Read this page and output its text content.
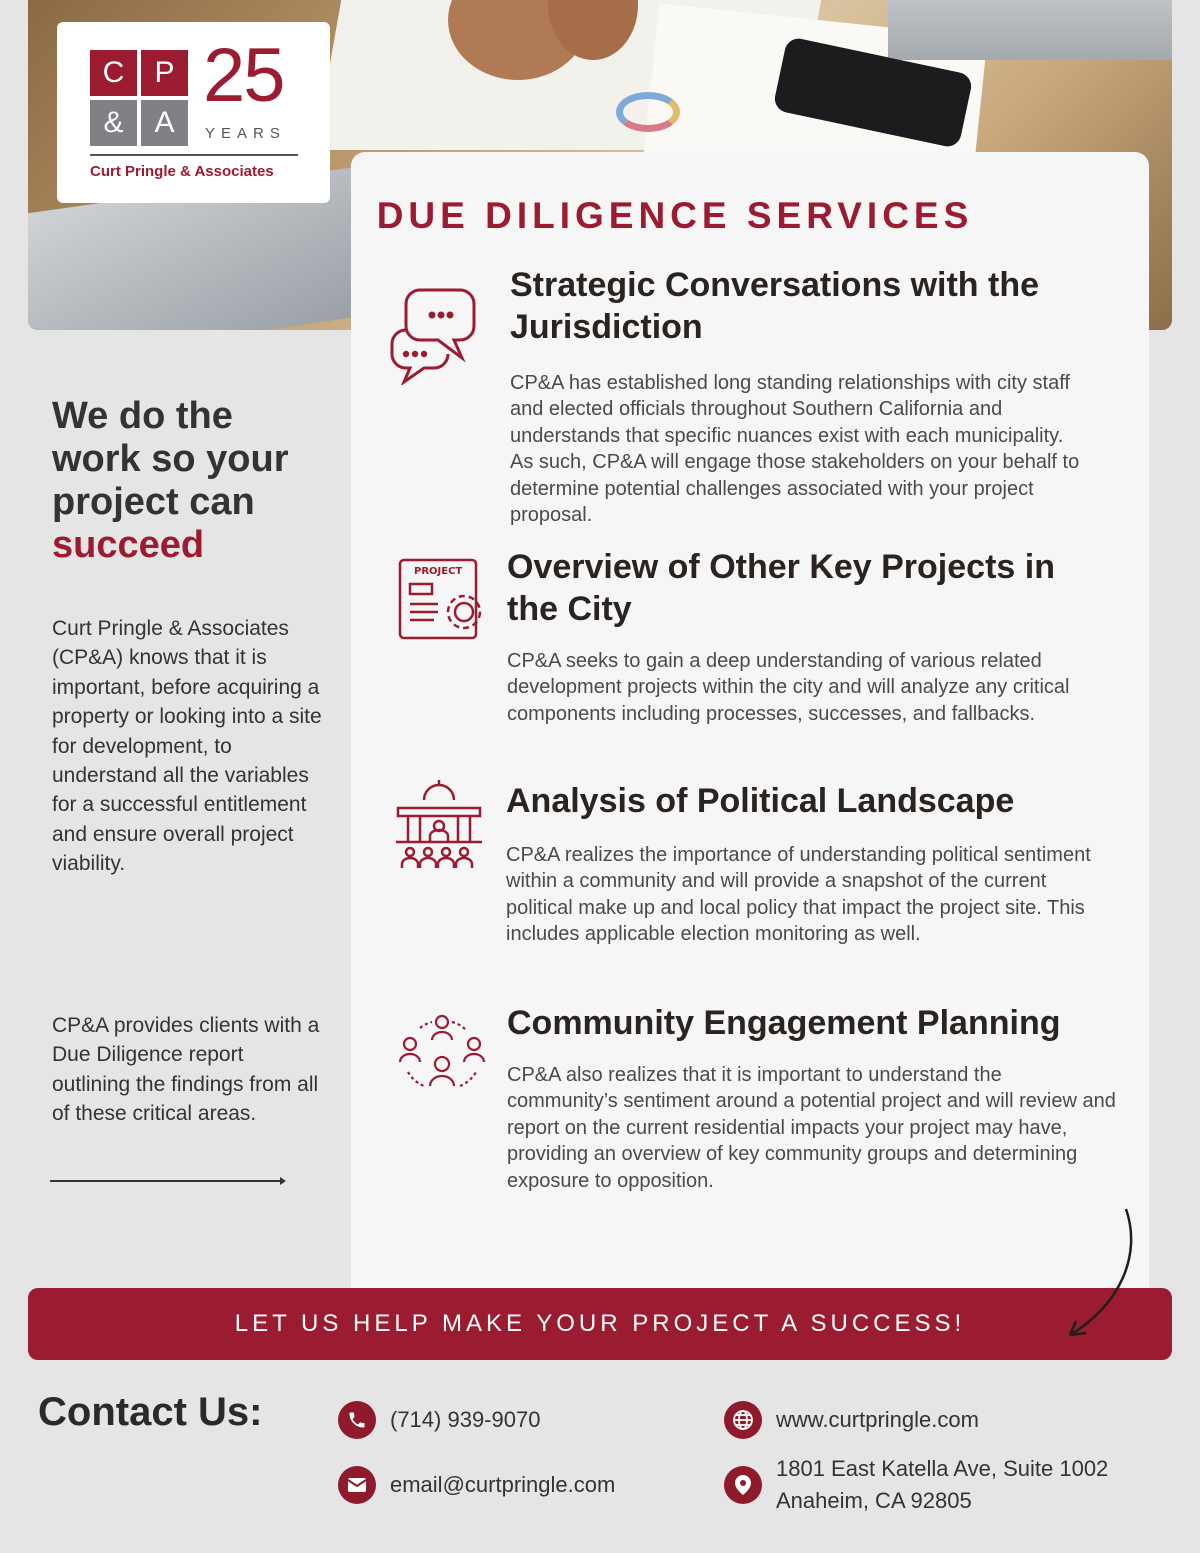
C	P
&	A
25
YEARS
Curt Pringle & Associates
We do the
work so your
project can
succeed

Curt Pringle & Associates (CP&A) knows that it is important, before acquiring a property or looking into a site for development, to understand all the variables for a successful entitlement and ensure overall project viability.

CP&A provides clients with a Due Diligence report outlining the findings from all of these critical areas.

DUE DILIGENCE SERVICES
Strategic Conversations with the Jurisdiction

CP&A has established long standing relationships with city staff and elected officials throughout Southern California and understands that specific nuances exist with each municipality. As such, CP&A will engage those stakeholders on your behalf to determine potential challenges associated with your project proposal.

PROJECT Overview of Other Key Projects in the City

CP&A seeks to gain a deep understanding of various related development projects within the city and will analyze any critical components including processes, successes, and fallbacks.

Analysis of Political Landscape

CP&A realizes the importance of understanding political sentiment within a community and will provide a snapshot of the current political make up and local policy that impact the project site. This includes applicable election monitoring as well.

Community Engagement Planning

CP&A also realizes that it is important to understand the community’s sentiment around a potential project and will review and report on the current residential impacts your project may have, providing an overview of key community groups and determining exposure to opposition.

LET US HELP MAKE YOUR PROJECT A SUCCESS!
Contact Us:	(714) 939-9070
email@curtpringle.com
www.curtpringle.com
1801 East Katella Ave, Suite 1002
Anaheim, CA 92805
